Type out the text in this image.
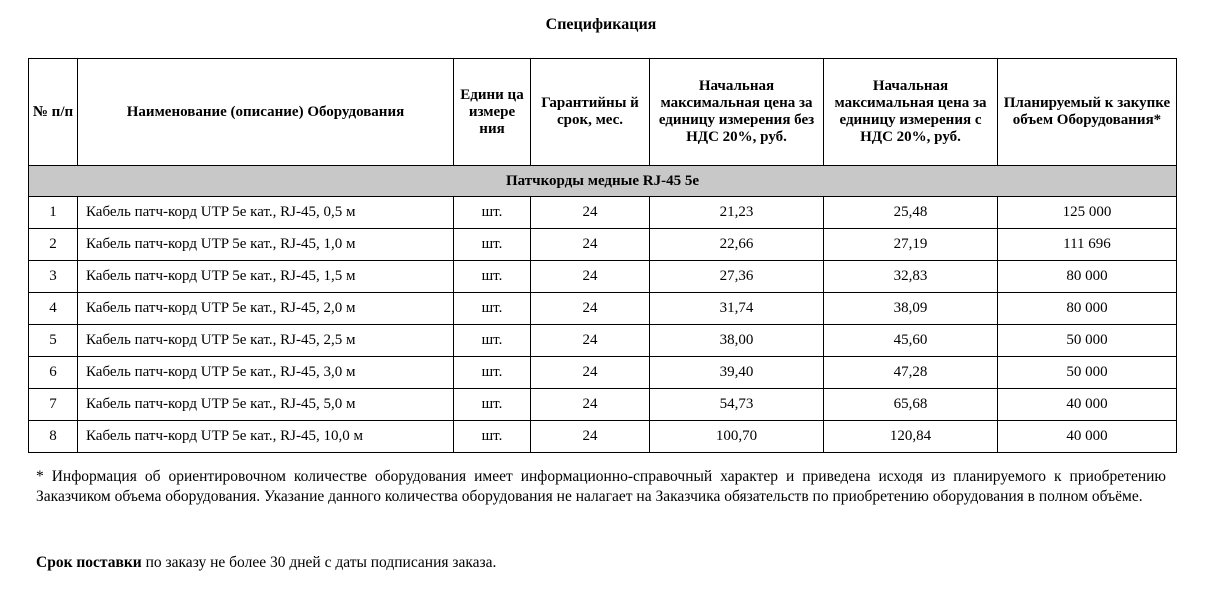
Спецификация
№ п/п	Наименование (описание) Оборудования	Едини ца измере ния	Гарантийны й срок, мес.	Начальная максимальная цена за единицу измерения без НДС 20%, руб.	Начальная максимальная цена за единицу измерения с НДС 20%, руб.	Планируемый к закупке объем Оборудования*
Патчкорды медные RJ-45 5е						
1	Кабель патч-корд UTP 5e кат., RJ-45, 0,5 м	шт.	24	21,23	25,48	125 000
2	Кабель патч-корд UTP 5e кат., RJ-45, 1,0 м	шт.	24	22,66	27,19	111 696
3	Кабель патч-корд UTP 5e кат., RJ-45, 1,5 м	шт.	24	27,36	32,83	80 000
4	Кабель патч-корд UTP 5e кат., RJ-45, 2,0 м	шт.	24	31,74	38,09	80 000
5	Кабель патч-корд UTP 5e кат., RJ-45, 2,5 м	шт.	24	38,00	45,60	50 000
6	Кабель патч-корд UTP 5e кат., RJ-45, 3,0 м	шт.	24	39,40	47,28	50 000
7	Кабель патч-корд UTP 5e кат., RJ-45, 5,0 м	шт.	24	54,73	65,68	40 000
8	Кабель патч-корд UTP 5e кат., RJ-45, 10,0 м	шт.	24	100,70	120,84	40 000
* Информация об ориентировочном количестве оборудования имеет информационно-справочный характер и приведена исходя из планируемого к приобретению Заказчиком объема оборудования. Указание данного количества оборудования не налагает на Заказчика обязательств по приобретению оборудования в полном объёме.
Срок поставки по заказу не более 30 дней с даты подписания заказа.
